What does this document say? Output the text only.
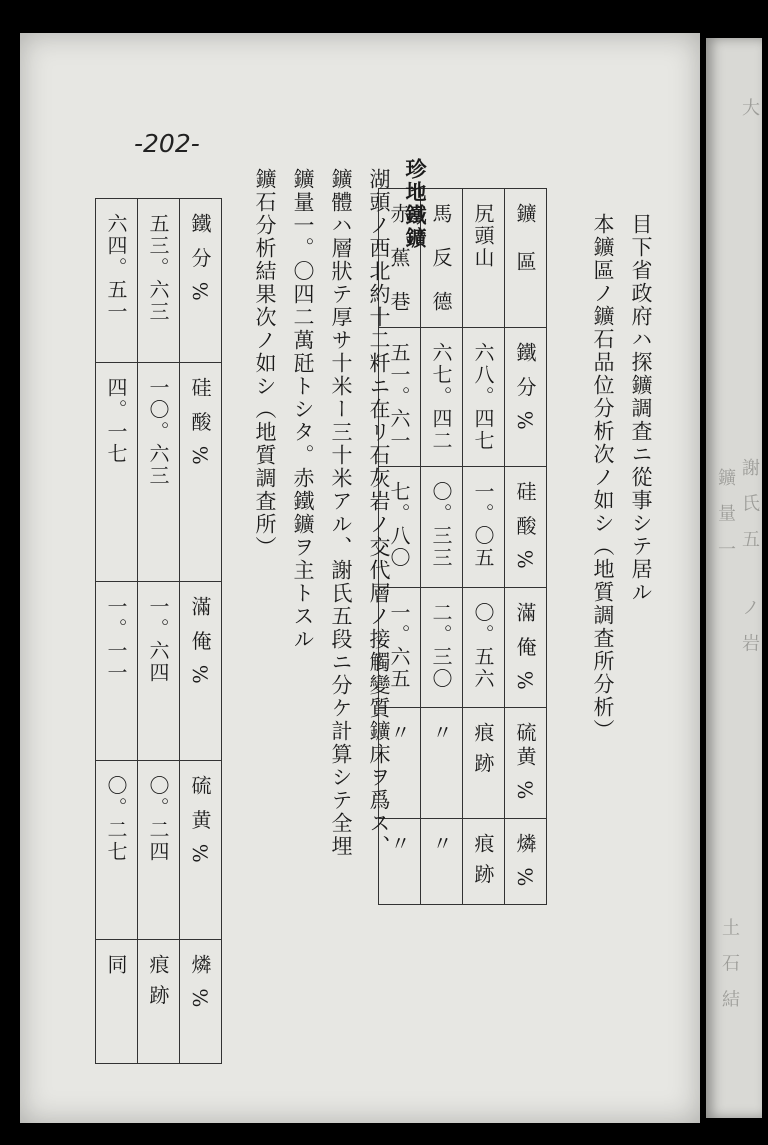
-202-
目下省政府ハ探鑛調査ニ從事シテ居ル
本鑛區ノ鑛石品位分析次ノ如シ（地質調査所分析）
鑛　區	鐵 分 %	硅 酸 %	滿 俺 %	硫黄 %	燐 %
尻頭山	六八。四七	一。〇五	〇。五六	痕 跡	痕 跡
馬　反　德	六七。四二	〇。三三	二。三〇	〃	〃
赤　蕉　巷	五一。六一	七。八〇	一。六五	〃	〃
珍地鐵鑛
湖頭ノ西北約十二粁ニ在リ石灰岩ノ交代層ノ接觸變質鑛床ヲ爲ス、
鑛體ハ層狀テ厚サ十米ー三十米アル、謝氏五段ニ分ケ計算シテ全埋
鑛量一。〇四二萬瓩トシタ。赤鐵鑛ヲ主トスル
鑛石分析結果次ノ如シ（地質調査所）
鐵 分 %	硅 酸 %	滿 俺 %	硫 黄 %	燐 %
五三。六三	一〇。六三	一。六四	〇。二四	痕 跡
六四。五一	四。一七	一。一一	〇。二七	同
大
謝 氏 五
鑛 量 一
ノ 岩
土 石 結
